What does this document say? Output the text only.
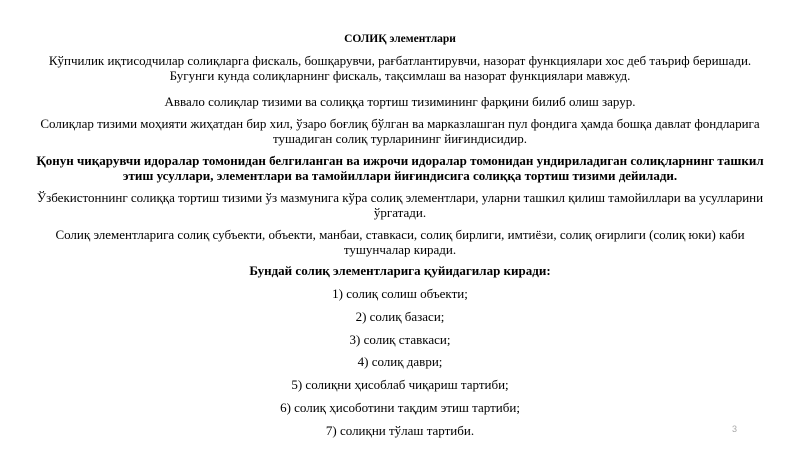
СОЛИҚ элементлари
Кўпчилик иқтисодчилар солиқларга фискаль, бошқарувчи, рағбатлантирувчи, назорат функциялари хос деб таъриф беришади. Бугунги кунда солиқларнинг фискаль, тақсимлаш ва назорат функциялари мавжуд.
Аввало солиқлар тизими ва солиққа тортиш тизимининг фарқини билиб олиш зарур.
Солиқлар тизими моҳияти жиҳатдан бир хил, ўзаро боғлиқ бўлган ва марказлашган пул фондига ҳамда бошқа давлат фондларига тушадиган солиқ турларининг йиғиндисидир.
Қонун чиқарувчи идоралар томонидан белгиланган ва ижрочи идоралар томонидан ундириладиган солиқларнинг ташкил этиш усуллари, элементлари ва тамойиллари йиғиндисига солиққа тортиш тизими дейилади.
Ўзбекистоннинг солиққа тортиш тизими ўз мазмунига кўра солиқ элементлари, уларни ташкил қилиш тамойиллари ва усулларини ўргатади.
Солиқ элементларига солиқ субъекти, объекти, манбаи, ставкаси, солиқ бирлиги, имтиёзи, солиқ оғирлиги (солиқ юки) каби тушунчалар киради.
Бундай солиқ элементларига қуйидагилар киради:
1) солиқ солиш объекти;
2) солиқ базаси;
3) солиқ ставкаси;
4) солиқ даври;
5) солиқни ҳисоблаб чиқариш тартиби;
6) солиқ ҳисоботини тақдим этиш тартиби;
7) солиқни тўлаш тартиби.	3
